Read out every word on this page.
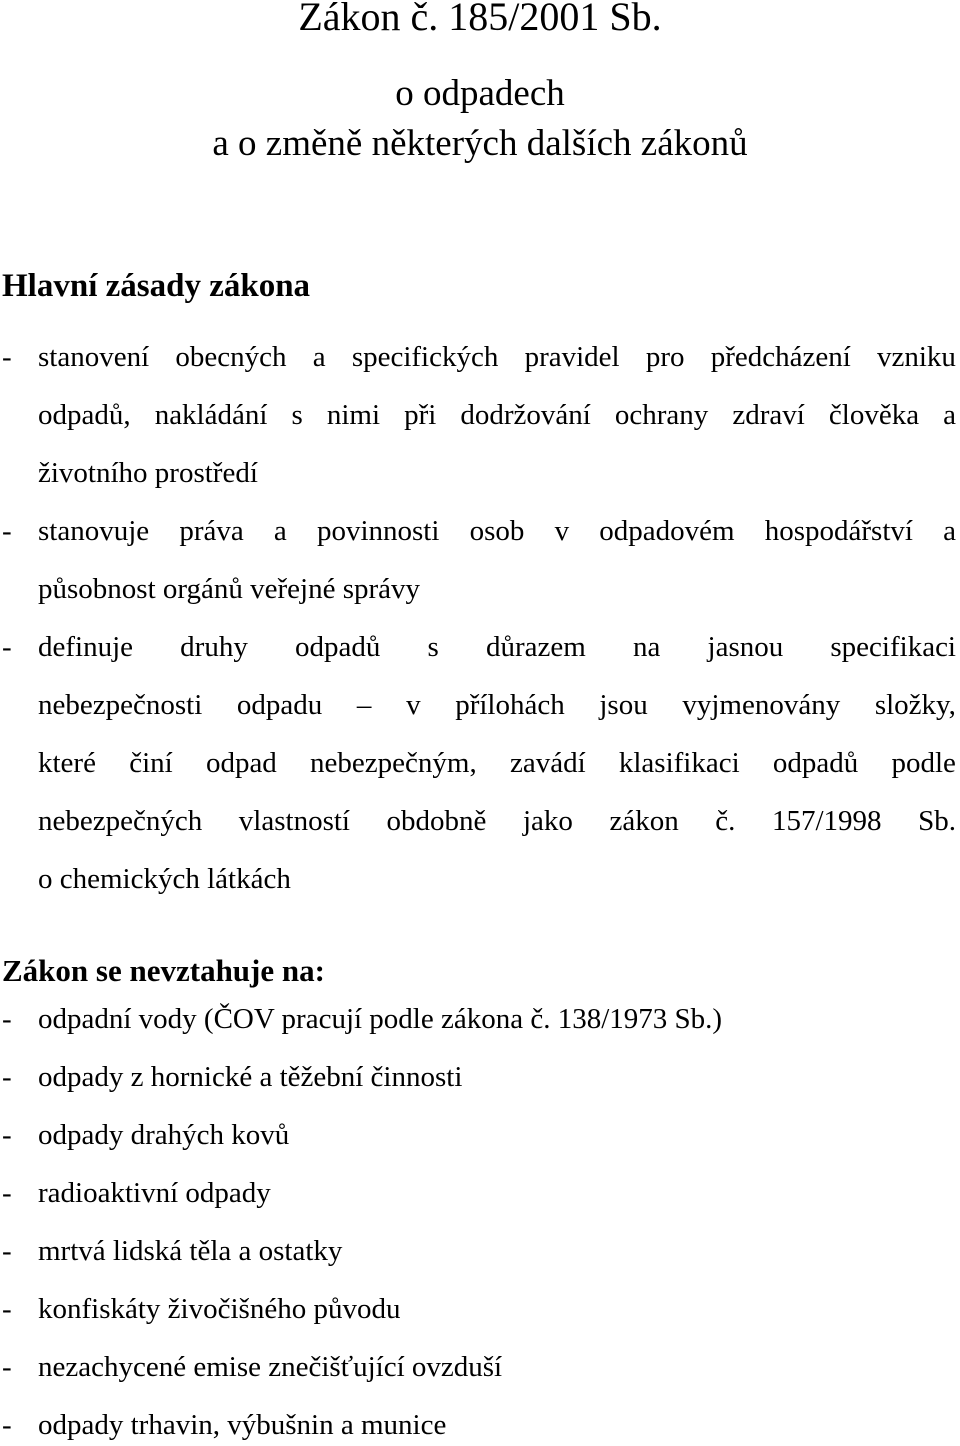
Zákon č. 185/2001 Sb.
o odpadech
a o změně některých dalších zákonů
Hlavní zásady zákona
- stanovení obecných a specifických pravidel pro předcházení vzniku
odpadů, nakládání s nimi při dodržování ochrany zdraví člověka a
životního prostředí
- stanovuje práva a povinnosti osob v odpadovém hospodářství a
působnost orgánů veřejné správy
- definuje druhy odpadů s důrazem na jasnou specifikaci
nebezpečnosti odpadu – v přílohách jsou vyjmenovány složky,
které činí odpad nebezpečným, zavádí klasifikaci odpadů podle
nebezpečných vlastností obdobně jako zákon č. 157/1998 Sb.
o chemických látkách
Zákon se nevztahuje na:
- odpadní vody (ČOV pracují podle zákona č. 138/1973 Sb.)
- odpady z hornické a těžební činnosti
- odpady drahých kovů
- radioaktivní odpady
- mrtvá lidská těla a ostatky
- konfiskáty živočišného původu
- nezachycené emise znečišťující ovzduší
- odpady trhavin, výbušnin a munice
